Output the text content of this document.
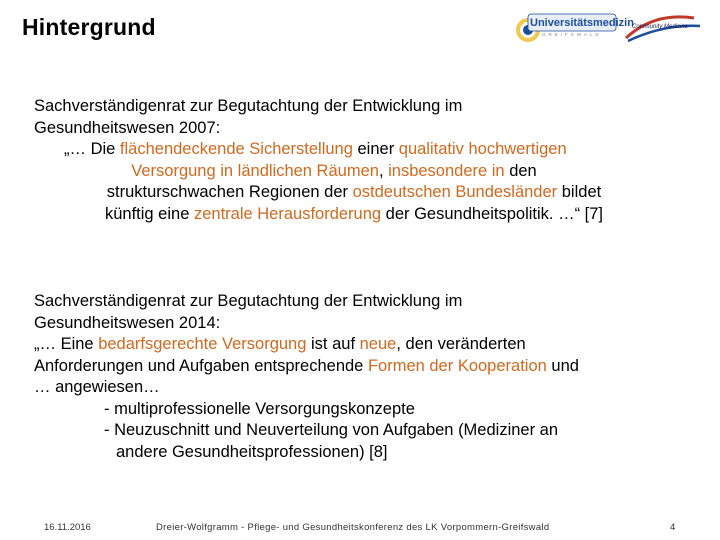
Hintergrund	Universitätsmedizin
GREIFSWALD
Community Medicine
Sachverständigenrat zur Begutachtung der Entwicklung im
Gesundheitswesen 2007:
„… Die flächendeckende Sicherstellung einer qualitativ hochwertigen
Versorgung in ländlichen Räumen, insbesondere in den
strukturschwachen Regionen der ostdeutschen Bundesländer bildet
künftig eine zentrale Herausforderung der Gesundheitspolitik. …“ [7]
Sachverständigenrat zur Begutachtung der Entwicklung im
Gesundheitswesen 2014:
„… Eine bedarfsgerechte Versorgung ist auf neue, den veränderten
Anforderungen und Aufgaben entsprechende Formen der Kooperation und
… angewiesen…
- multiprofessionelle Versorgungskonzepte
- Neuzuschnitt und Neuverteilung von Aufgaben (Mediziner an
andere Gesundheitsprofessionen) [8]
16.11.2016	Dreier-Wolfgramm - Pflege- und Gesundheitskonferenz des LK Vorpommern-Greifswald	4
